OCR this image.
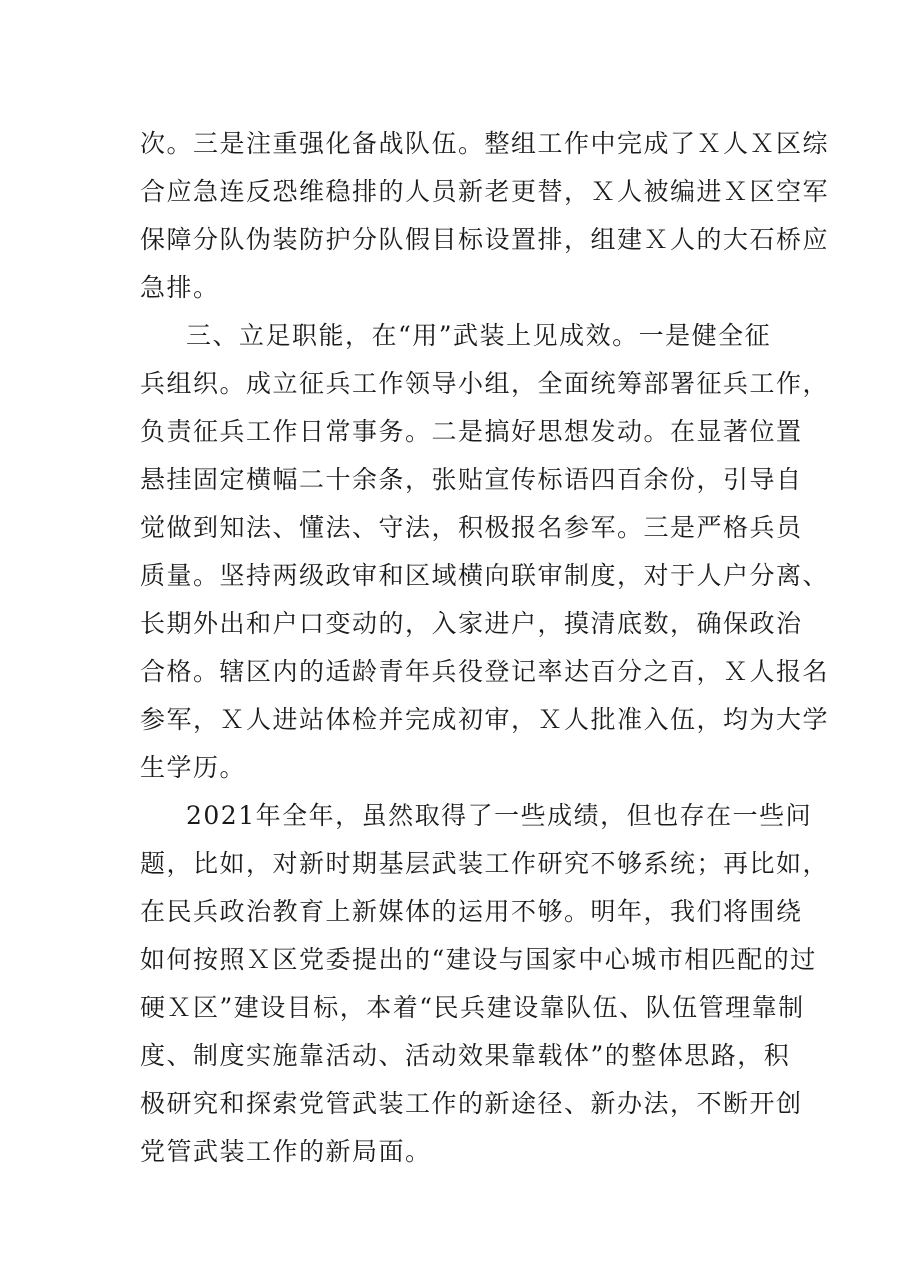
次。三是注重强化备战队伍。整组工作中完成了Ｘ人Ｘ区综
合应急连反恐维稳排的人员新老更替，Ｘ人被编进Ｘ区空军
保障分队伪装防护分队假目标设置排，组建Ｘ人的大石桥应
急排。
三、立足职能，在“用”武装上见成效。一是健全征
兵组织。成立征兵工作领导小组，全面统筹部署征兵工作，
负责征兵工作日常事务。二是搞好思想发动。在显著位置
悬挂固定横幅二十余条，张贴宣传标语四百余份，引导自
觉做到知法、懂法、守法，积极报名参军。三是严格兵员
质量。坚持两级政审和区域横向联审制度，对于人户分离、
长期外出和户口变动的，入家进户，摸清底数，确保政治
合格。辖区内的适龄青年兵役登记率达百分之百，Ｘ人报名
参军，Ｘ人进站体检并完成初审，Ｘ人批准入伍，均为大学
生学历。
2021年全年，虽然取得了一些成绩，但也存在一些问
题，比如，对新时期基层武装工作研究不够系统；再比如，
在民兵政治教育上新媒体的运用不够。明年，我们将围绕
如何按照Ｘ区党委提出的“建设与国家中心城市相匹配的过
硬Ｘ区”建设目标，本着“民兵建设靠队伍、队伍管理靠制
度、制度实施靠活动、活动效果靠载体”的整体思路，积
极研究和探索党管武装工作的新途径、新办法，不断开创
党管武装工作的新局面。
